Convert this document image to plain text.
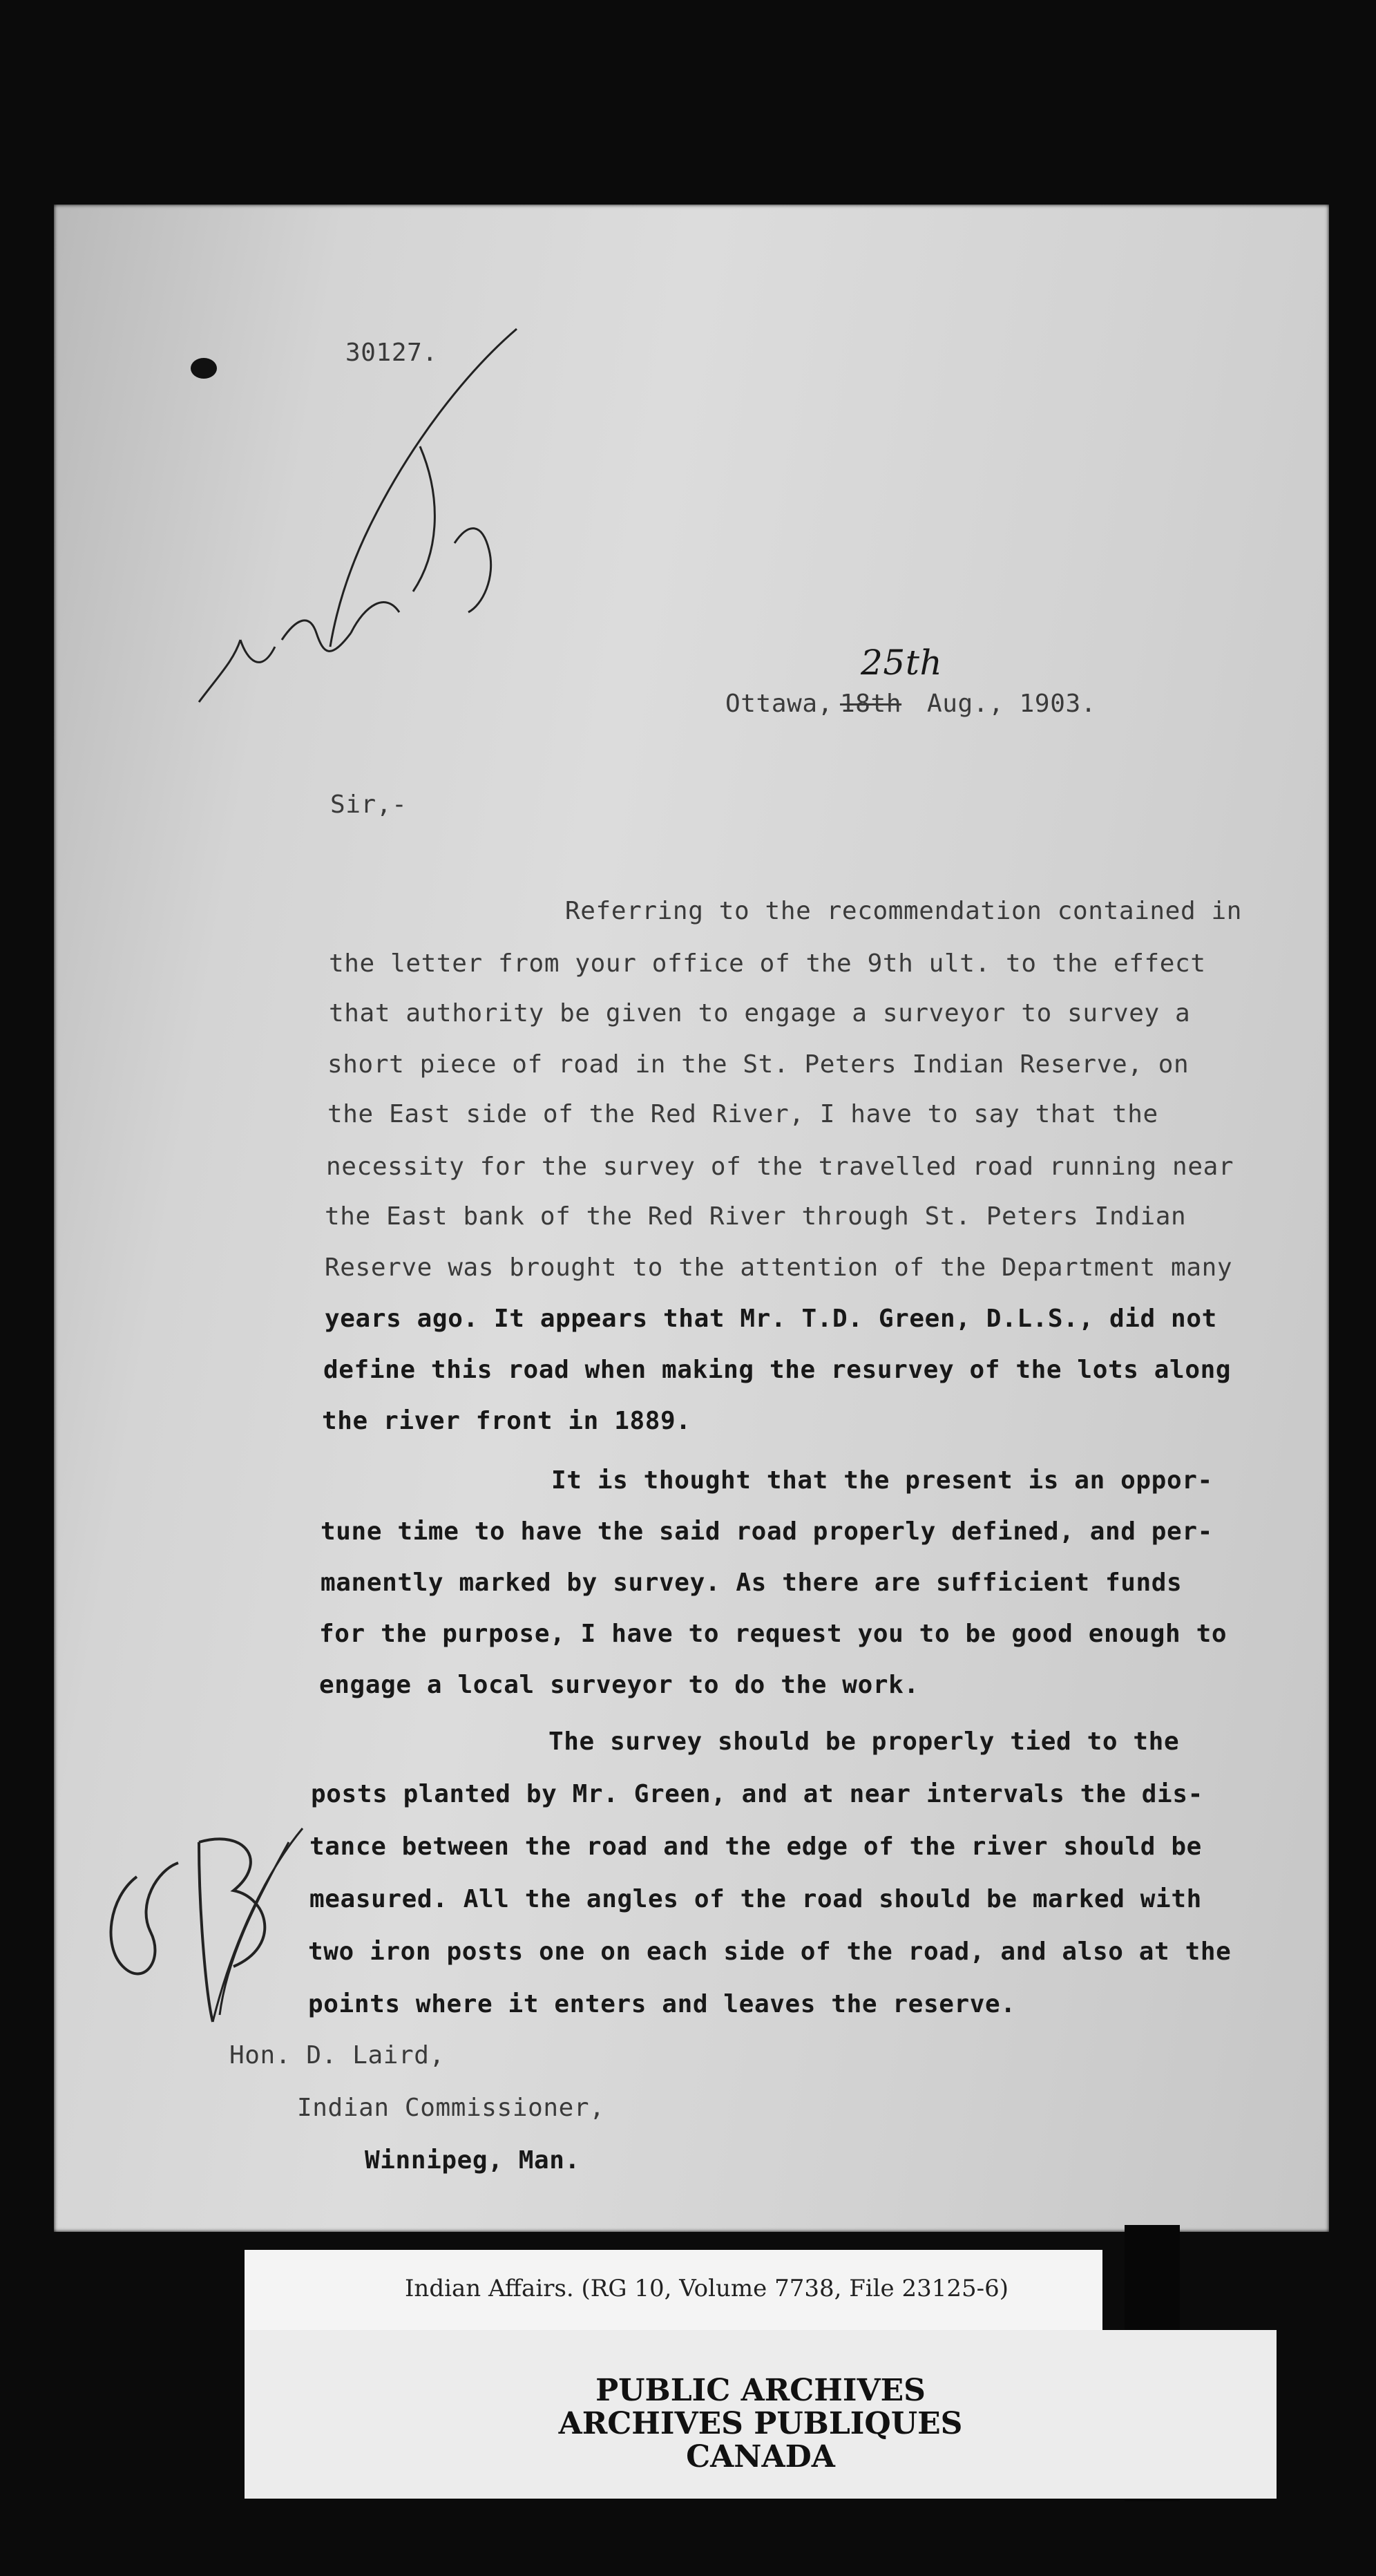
30127.
Ottawa, 18th
25th
Aug., 1903.
Sir,-
Referring to the recommendation contained in
the letter from your office of the 9th ult. to the effect
that authority be given to engage a surveyor to survey a
short piece of road in the St. Peters Indian Reserve, on
the East side of the Red River, I have to say that the
necessity for the survey of the travelled road running near
the East bank of the Red River through St. Peters Indian
Reserve was brought to the attention of the Department many
years ago. It appears that Mr. T.D. Green, D.L.S., did not
define this road when making the resurvey of the lots along
the river front in 1889.
It is thought that the present is an oppor-
tune time to have the said road properly defined, and per-
manently marked by survey. As there are sufficient funds
for the purpose, I have to request you to be good enough to
engage a local surveyor to do the work.
The survey should be properly tied to the
posts planted by Mr. Green, and at near intervals the dis-
tance between the road and the edge of the river should be
measured. All the angles of the road should be marked with
two iron posts one on each side of the road, and also at the
points where it enters and leaves the reserve.
Hon. D. Laird,
Indian Commissioner,
Winnipeg, Man.
Indian Affairs. (RG 10, Volume 7738, File 23125-6)
PUBLIC ARCHIVES
ARCHIVES PUBLIQUES
CANADA
